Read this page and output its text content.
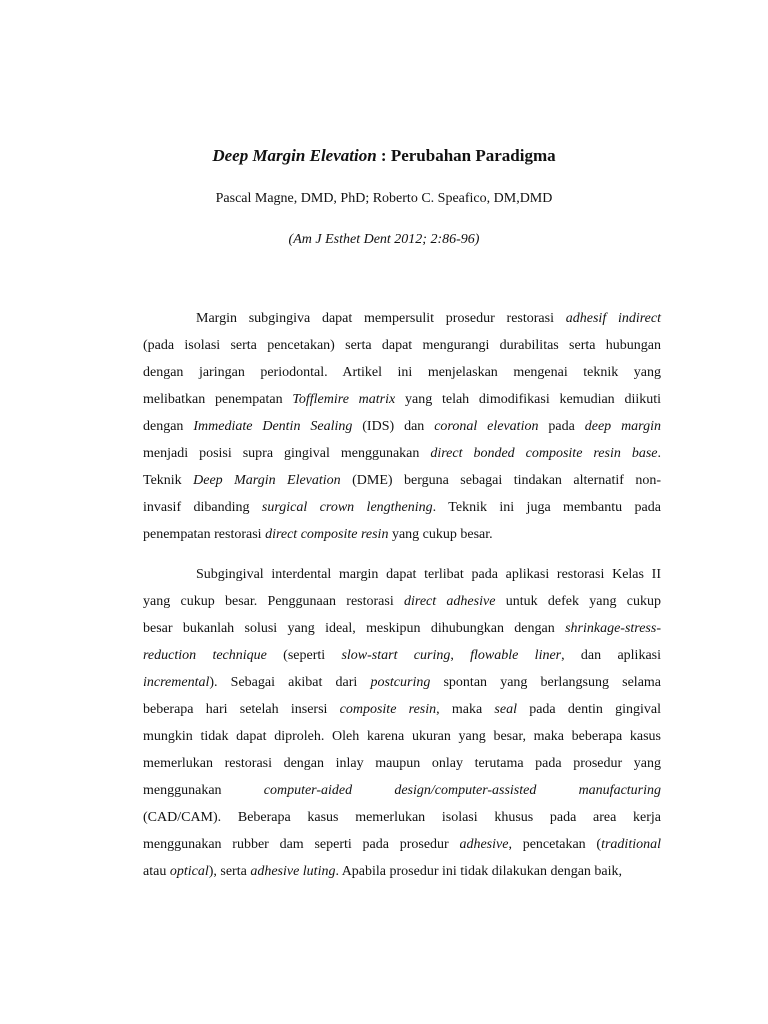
Deep Margin Elevation : Perubahan Paradigma
Pascal Magne, DMD, PhD; Roberto C. Speafico, DM,DMD
(Am J Esthet Dent 2012; 2:86-96)
Margin subgingiva dapat mempersulit prosedur restorasi adhesif indirect
(pada isolasi serta pencetakan) serta dapat mengurangi durabilitas serta hubungan
dengan jaringan periodontal. Artikel ini menjelaskan mengenai teknik yang
melibatkan penempatan Tofflemire matrix yang telah dimodifikasi kemudian diikuti
dengan Immediate Dentin Sealing (IDS) dan coronal elevation pada deep margin
menjadi posisi supra gingival menggunakan direct bonded composite resin base.
Teknik Deep Margin Elevation (DME) berguna sebagai tindakan alternatif non-
invasif dibanding surgical crown lengthening. Teknik ini juga membantu pada
penempatan restorasi direct composite resin yang cukup besar.
Subgingival interdental margin dapat terlibat pada aplikasi restorasi Kelas II
yang cukup besar. Penggunaan restorasi direct adhesive untuk defek yang cukup
besar bukanlah solusi yang ideal, meskipun dihubungkan dengan shrinkage-stress-
reduction technique (seperti slow-start curing, flowable liner, dan aplikasi
incremental). Sebagai akibat dari postcuring spontan yang berlangsung selama
beberapa hari setelah insersi composite resin, maka seal pada dentin gingival
mungkin tidak dapat diproleh. Oleh karena ukuran yang besar, maka beberapa kasus
memerlukan restorasi dengan inlay maupun onlay terutama pada prosedur yang
menggunakan computer-aided design/computer-assisted manufacturing
(CAD/CAM). Beberapa kasus memerlukan isolasi khusus pada area kerja
menggunakan rubber dam seperti pada prosedur adhesive, pencetakan (traditional
atau optical), serta adhesive luting. Apabila prosedur ini tidak dilakukan dengan baik,
